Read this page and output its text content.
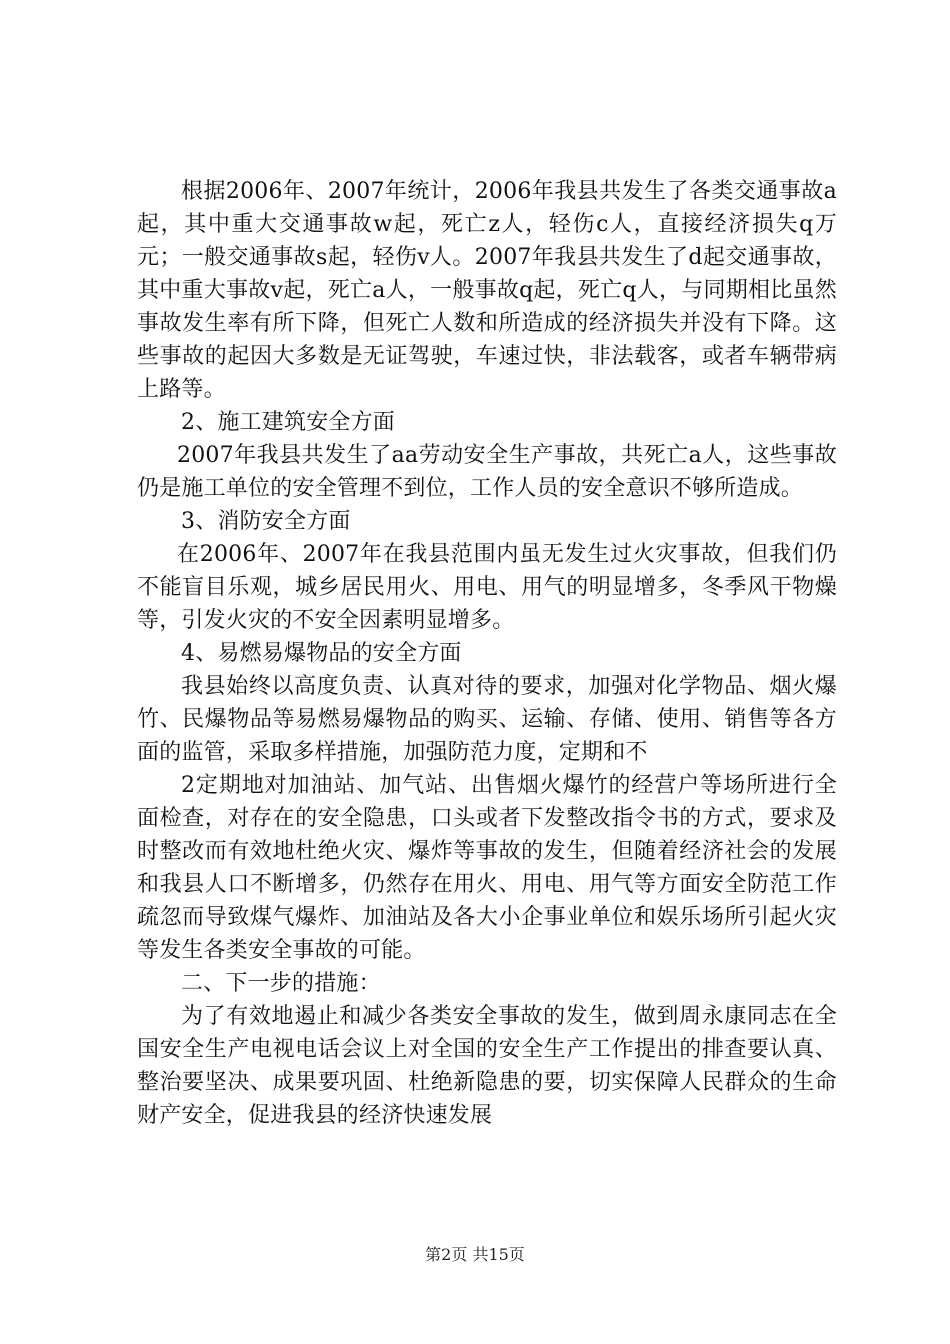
根据2006年、2007年统计，2006年我县共发生了各类交通事故a起，其中重大交通事故w起，死亡z人，轻伤c人，直接经济损失q万元；一般交通事故s起，轻伤v人。2007年我县共发生了d起交通事故，其中重大事故v起，死亡a人，一般事故q起，死亡q人，与同期相比虽然事故发生率有所下降，但死亡人数和所造成的经济损失并没有下降。这些事故的起因大多数是无证驾驶，车速过快，非法载客，或者车辆带病上路等。

2、施工建筑安全方面

2007年我县共发生了aa劳动安全生产事故，共死亡a人，这些事故仍是施工单位的安全管理不到位，工作人员的安全意识不够所造成。

3、消防安全方面

在2006年、2007年在我县范围内虽无发生过火灾事故，但我们仍不能盲目乐观，城乡居民用火、用电、用气的明显增多，冬季风干物燥等，引发火灾的不安全因素明显增多。

4、易燃易爆物品的安全方面

我县始终以高度负责、认真对待的要求，加强对化学物品、烟火爆竹、民爆物品等易燃易爆物品的购买、运输、存储、使用、销售等各方面的监管，采取多样措施，加强防范力度，定期和不

2定期地对加油站、加气站、出售烟火爆竹的经营户等场所进行全面检查，对存在的安全隐患，口头或者下发整改指令书的方式，要求及时整改而有效地杜绝火灾、爆炸等事故的发生，但随着经济社会的发展和我县人口不断增多，仍然存在用火、用电、用气等方面安全防范工作疏忽而导致煤气爆炸、加油站及各大小企事业单位和娱乐场所引起火灾等发生各类安全事故的可能。

二、下一步的措施：

为了有效地遏止和减少各类安全事故的发生，做到周永康同志在全国安全生产电视电话会议上对全国的安全生产工作提出的排查要认真、整治要坚决、成果要巩固、杜绝新隐患的要，切实保障人民群众的生命财产安全，促进我县的经济快速发展

第2页 共15页
